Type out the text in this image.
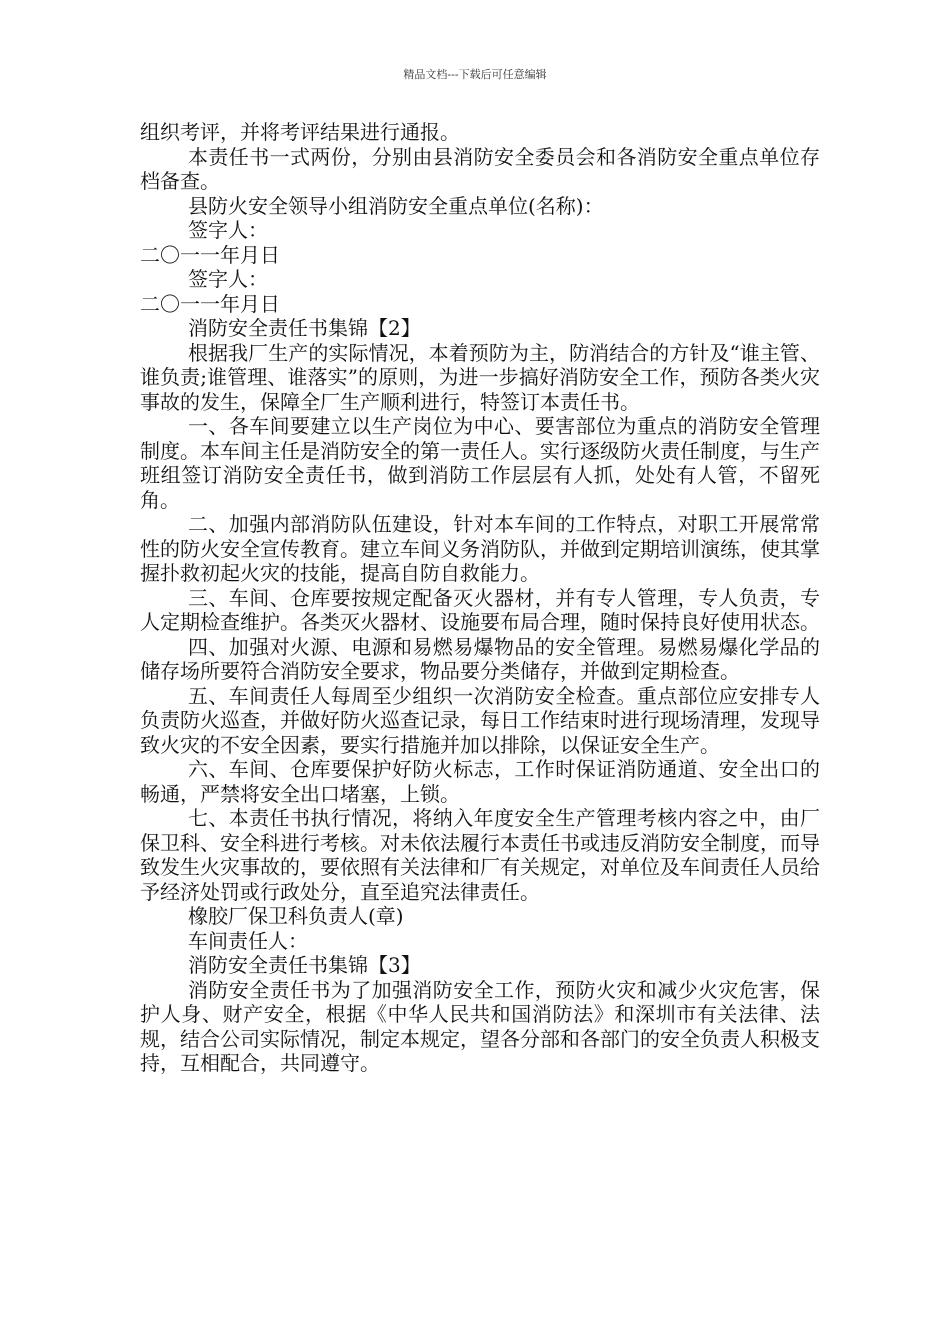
精品文档---下载后可任意编辑

组织考评，并将考评结果进行通报。

本责任书一式两份，分别由县消防安全委员会和各消防安全重点单位存档备查。

县防火安全领导小组消防安全重点单位(名称)：

签字人：

二〇一一年月日

签字人：

二〇一一年月日

消防安全责任书集锦【2】

根据我厂生产的实际情况，本着预防为主，防消结合的方针及“谁主管、谁负责;谁管理、谁落实”的原则，为进一步搞好消防安全工作，预防各类火灾事故的发生，保障全厂生产顺利进行，特签订本责任书。

一、各车间要建立以生产岗位为中心、要害部位为重点的消防安全管理制度。本车间主任是消防安全的第一责任人。实行逐级防火责任制度，与生产班组签订消防安全责任书，做到消防工作层层有人抓，处处有人管，不留死角。

二、加强内部消防队伍建设，针对本车间的工作特点，对职工开展常常性的防火安全宣传教育。建立车间义务消防队，并做到定期培训演练，使其掌握扑救初起火灾的技能，提高自防自救能力。

三、车间、仓库要按规定配备灭火器材，并有专人管理，专人负责，专人定期检查维护。各类灭火器材、设施要布局合理，随时保持良好使用状态。

四、加强对火源、电源和易燃易爆物品的安全管理。易燃易爆化学品的储存场所要符合消防安全要求，物品要分类储存，并做到定期检查。

五、车间责任人每周至少组织一次消防安全检查。重点部位应安排专人负责防火巡查，并做好防火巡查记录，每日工作结束时进行现场清理，发现导致火灾的不安全因素，要实行措施并加以排除，以保证安全生产。

六、车间、仓库要保护好防火标志，工作时保证消防通道、安全出口的畅通，严禁将安全出口堵塞，上锁。

七、本责任书执行情况，将纳入年度安全生产管理考核内容之中，由厂保卫科、安全科进行考核。对未依法履行本责任书或违反消防安全制度，而导致发生火灾事故的，要依照有关法律和厂有关规定，对单位及车间责任人员给予经济处罚或行政处分，直至追究法律责任。

橡胶厂保卫科负责人(章)

车间责任人：

消防安全责任书集锦【3】

消防安全责任书为了加强消防安全工作，预防火灾和减少火灾危害，保护人身、财产安全，根据《中华人民共和国消防法》和深圳市有关法律、法规，结合公司实际情况，制定本规定，望各分部和各部门的安全负责人积极支持，互相配合，共同遵守。
